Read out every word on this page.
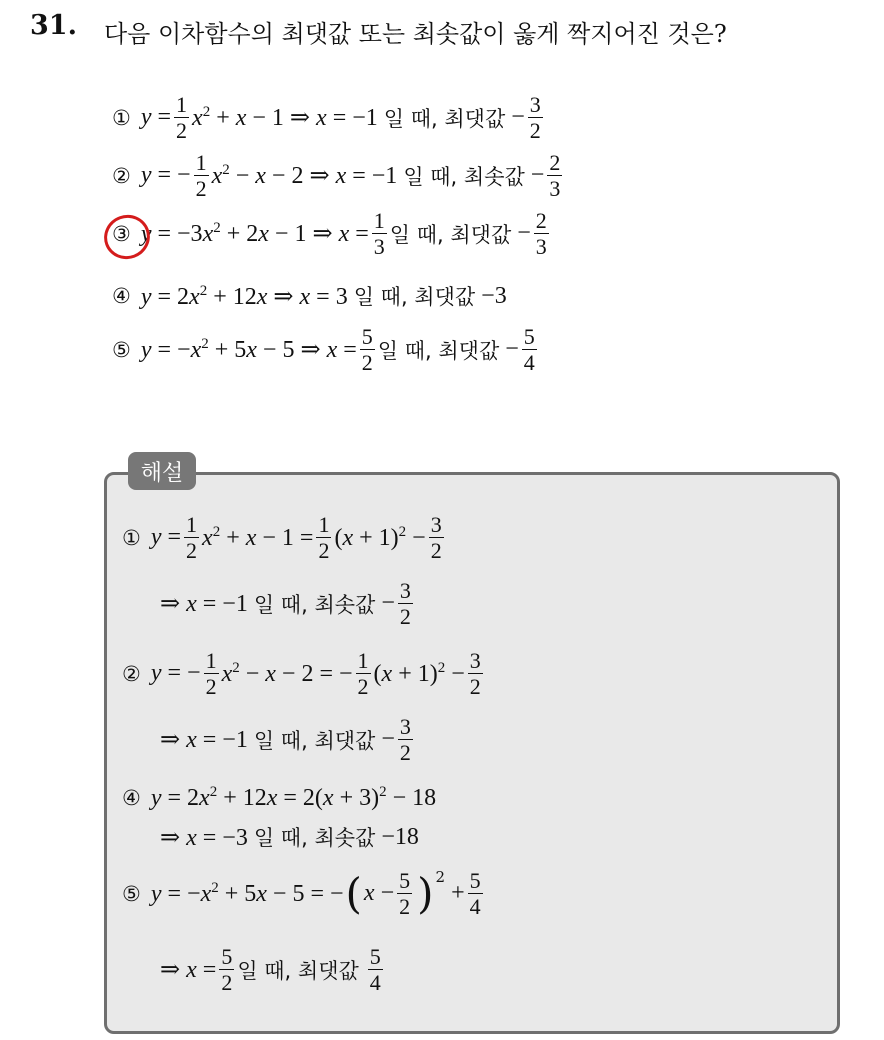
31. 다음 이차함수의 최댓값 또는 최솟값이 옳게 짝지어진 것은?
① $y = \frac{1}{2} x^2 + x - 1$ ⇒ x = −1 일 때, 최댓값 − $\frac{3}{2}$
② y = − $\frac{1}{2} x^2 - x - 2$ ⇒ x = −1 일 때, 최솟값 − $\frac{2}{3}$
③ $y = -3x^2 + 2x - 1$ ⇒ $x = \frac{1}{3}$ 일 때, 최댓값 − $\frac{2}{3}$
④ $y = 2x^2 + 12x$ ⇒ x = 3 일 때, 최댓값 −3
⑤ $y = -x^2 + 5x - 5$ ⇒ $x = \frac{5}{2}$ 일 때, 최댓값 − $\frac{5}{4}$
해설
① $y = \frac{1}{2} x^2 + x - 1 = \frac{1}{2} (x + 1)^2 - \frac{3}{2}$
⇒ x = −1 일 때, 최솟값 − $\frac{3}{2}$
② y = − $\frac{1}{2} x^2 - x - 2$ = − $\frac{1}{2} (x + 1)^2 - \frac{3}{2}$
⇒ x = −1 일 때, 최댓값 − $\frac{3}{2}$
④ $y = 2x^2 + 12x = 2(x + 3)^2 - 18$
⇒ x = −3 일 때, 최솟값 −18
⑤ $y = -x^2 + 5x - 5$ = − ( $x - \frac{5}{2} )^2$
+ $\frac{5}{4}$
⇒ $x = \frac{5}{2}$ 일 때, 최댓값
$\frac{5}{4}$
